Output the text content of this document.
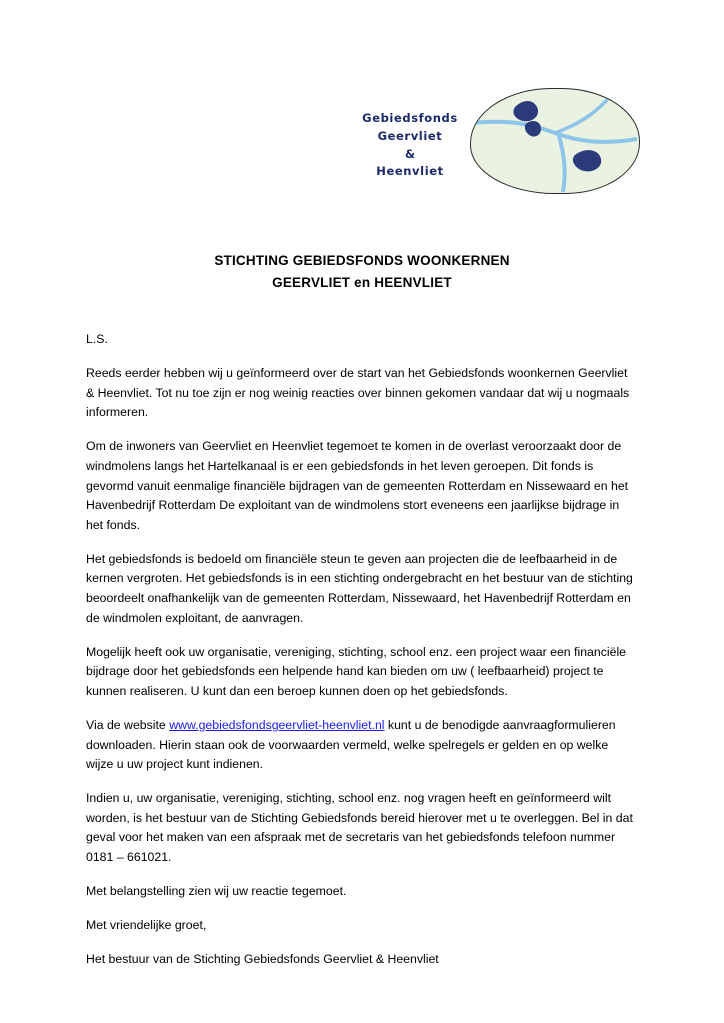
Gebiedsfonds
Geervliet
&
Heenvliet
STICHTING GEBIEDSFONDS WOONKERNEN
GEERVLIET en HEENVLIET

L.S.

Reeds eerder hebben wij u geïnformeerd over de start van het Gebiedsfonds woonkernen Geervliet & Heenvliet. Tot nu toe zijn er nog weinig reacties over binnen gekomen vandaar dat wij u nogmaals informeren.

Om de inwoners van Geervliet en Heenvliet tegemoet te komen in de overlast veroorzaakt door de windmolens langs het Hartelkanaal is er een gebiedsfonds in het leven geroepen. Dit fonds is gevormd vanuit eenmalige financiële bijdragen van de gemeenten Rotterdam en Nissewaard en het Havenbedrijf Rotterdam De exploitant van de windmolens stort eveneens een jaarlijkse bijdrage in het fonds.

Het gebiedsfonds is bedoeld om financiële steun te geven aan projecten die de leefbaarheid in de kernen vergroten. Het gebiedsfonds is in een stichting ondergebracht en het bestuur van de stichting beoordeelt onafhankelijk van de gemeenten Rotterdam, Nissewaard, het Havenbedrijf Rotterdam en de windmolen exploitant, de aanvragen.

Mogelijk heeft ook uw organisatie, vereniging, stichting, school enz. een project waar een financiële bijdrage door het gebiedsfonds een helpende hand kan bieden om uw ( leefbaarheid) project te kunnen realiseren. U kunt dan een beroep kunnen doen op het gebiedsfonds.

Via de website www.gebiedsfondsgeervliet-heenvliet.nl kunt u de benodigde aanvraagformulieren downloaden. Hierin staan ook de voorwaarden vermeld, welke spelregels er gelden en op welke wijze u uw project kunt indienen.

Indien u, uw organisatie, vereniging, stichting, school enz. nog vragen heeft en geïnformeerd wilt worden, is het bestuur van de Stichting Gebiedsfonds bereid hierover met u te overleggen. Bel in dat geval voor het maken van een afspraak met de secretaris van het gebiedsfonds telefoon nummer 0181 – 661021.

Met belangstelling zien wij uw reactie tegemoet.

Met vriendelijke groet,

Het bestuur van de Stichting Gebiedsfonds Geervliet & Heenvliet
